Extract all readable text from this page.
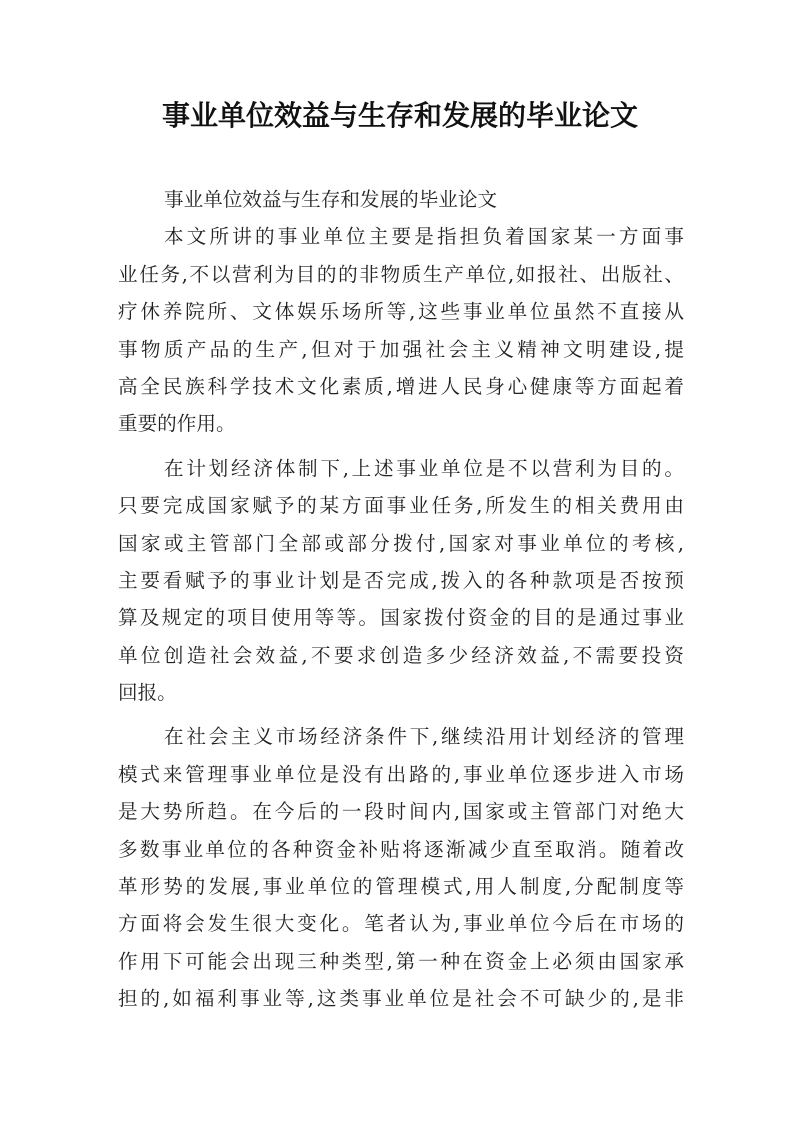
事业单位效益与生存和发展的毕业论文
事业单位效益与生存和发展的毕业论文
本文所讲的事业单位主要是指担负着国家某一方面事
业任务,不以营利为目的的非物质生产单位,如报社、出版社、
疗休养院所、文体娱乐场所等,这些事业单位虽然不直接从
事物质产品的生产,但对于加强社会主义精神文明建设,提
高全民族科学技术文化素质,增进人民身心健康等方面起着
重要的作用。
在计划经济体制下,上述事业单位是不以营利为目的。
只要完成国家赋予的某方面事业任务,所发生的相关费用由
国家或主管部门全部或部分拨付,国家对事业单位的考核,
主要看赋予的事业计划是否完成,拨入的各种款项是否按预
算及规定的项目使用等等。国家拨付资金的目的是通过事业
单位创造社会效益,不要求创造多少经济效益,不需要投资
回报。
在社会主义市场经济条件下,继续沿用计划经济的管理
模式来管理事业单位是没有出路的,事业单位逐步进入市场
是大势所趋。在今后的一段时间内,国家或主管部门对绝大
多数事业单位的各种资金补贴将逐渐减少直至取消。随着改
革形势的发展,事业单位的管理模式,用人制度,分配制度等
方面将会发生很大变化。笔者认为,事业单位今后在市场的
作用下可能会出现三种类型,第一种在资金上必须由国家承
担的,如福利事业等,这类事业单位是社会不可缺少的,是非
